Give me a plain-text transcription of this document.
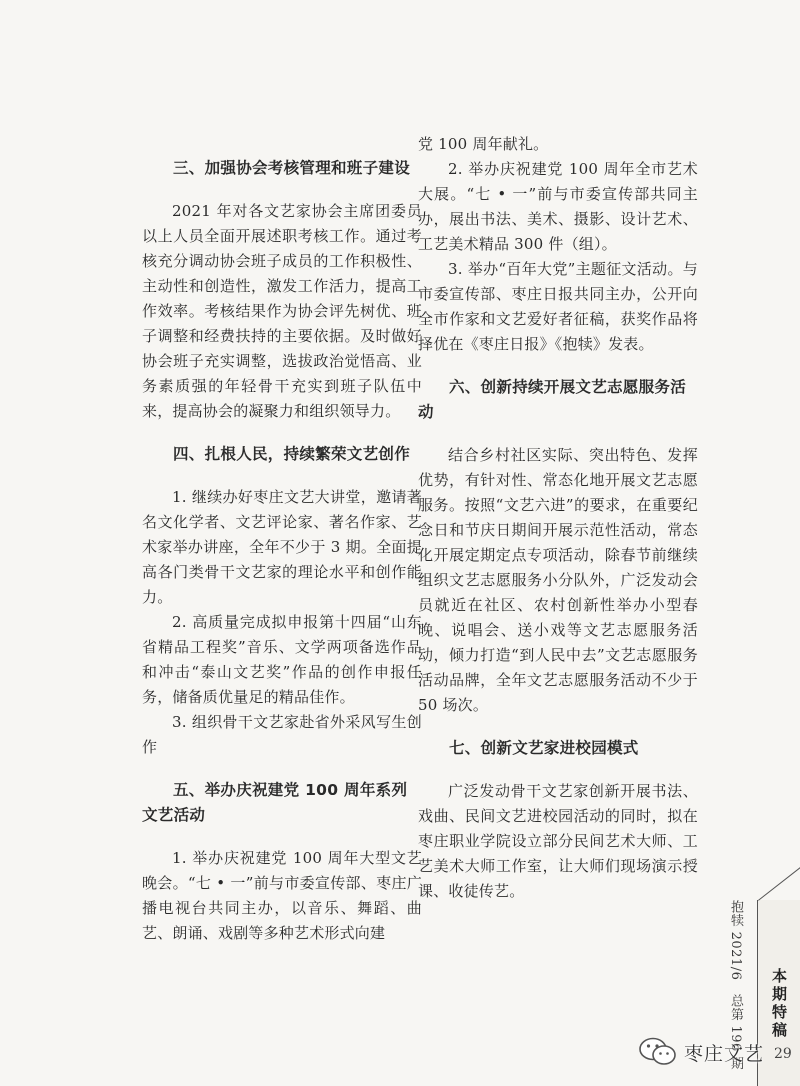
三、加强协会考核管理和班子建设

2021 年对各文艺家协会主席团委员以上人员全面开展述职考核工作。通过考核充分调动协会班子成员的工作积极性、主动性和创造性，激发工作活力，提高工作效率。考核结果作为协会评先树优、班子调整和经费扶持的主要依据。及时做好协会班子充实调整，选拔政治觉悟高、业务素质强的年轻骨干充实到班子队伍中来，提高协会的凝聚力和组织领导力。

四、扎根人民，持续繁荣文艺创作

1. 继续办好枣庄文艺大讲堂，邀请著名文化学者、文艺评论家、著名作家、艺术家举办讲座，全年不少于 3 期。全面提高各门类骨干文艺家的理论水平和创作能力。

2. 高质量完成拟申报第十四届“山东省精品工程奖”音乐、文学两项备选作品和冲击“泰山文艺奖”作品的创作申报任务，储备质优量足的精品佳作。

3. 组织骨干文艺家赴省外采风写生创作

五、举办庆祝建党 100 周年系列文艺活动

1. 举办庆祝建党 100 周年大型文艺晚会。“七 • 一”前与市委宣传部、枣庄广播电视台共同主办，以音乐、舞蹈、曲艺、朗诵、戏剧等多种艺术形式向建

党 100 周年献礼。

2. 举办庆祝建党 100 周年全市艺术大展。“七 • 一”前与市委宣传部共同主办，展出书法、美术、摄影、设计艺术、工艺美术精品 300 件（组）。

3. 举办“百年大党”主题征文活动。与市委宣传部、枣庄日报共同主办，公开向全市作家和文艺爱好者征稿，获奖作品将择优在《枣庄日报》《抱犊》发表。

六、创新持续开展文艺志愿服务活动

结合乡村社区实际、突出特色、发挥优势，有针对性、常态化地开展文艺志愿服务。按照“文艺六进”的要求，在重要纪念日和节庆日期间开展示范性活动，常态化开展定期定点专项活动，除春节前继续组织文艺志愿服务小分队外，广泛发动会员就近在社区、农村创新性举办小型春晚、说唱会、送小戏等文艺志愿服务活动，倾力打造“到人民中去”文艺志愿服务活动品牌，全年文艺志愿服务活动不少于 50 场次。

七、创新文艺家进校园模式

广泛发动骨干文艺家创新开展书法、戏曲、民间文艺进校园活动的同时，拟在枣庄职业学院设立部分民间艺术大师、工艺美术大师工作室，让大师们现场演示授课、收徒传艺。

抱犊 2021/6　总第 196 期 本期特稿
29
枣庄文艺
